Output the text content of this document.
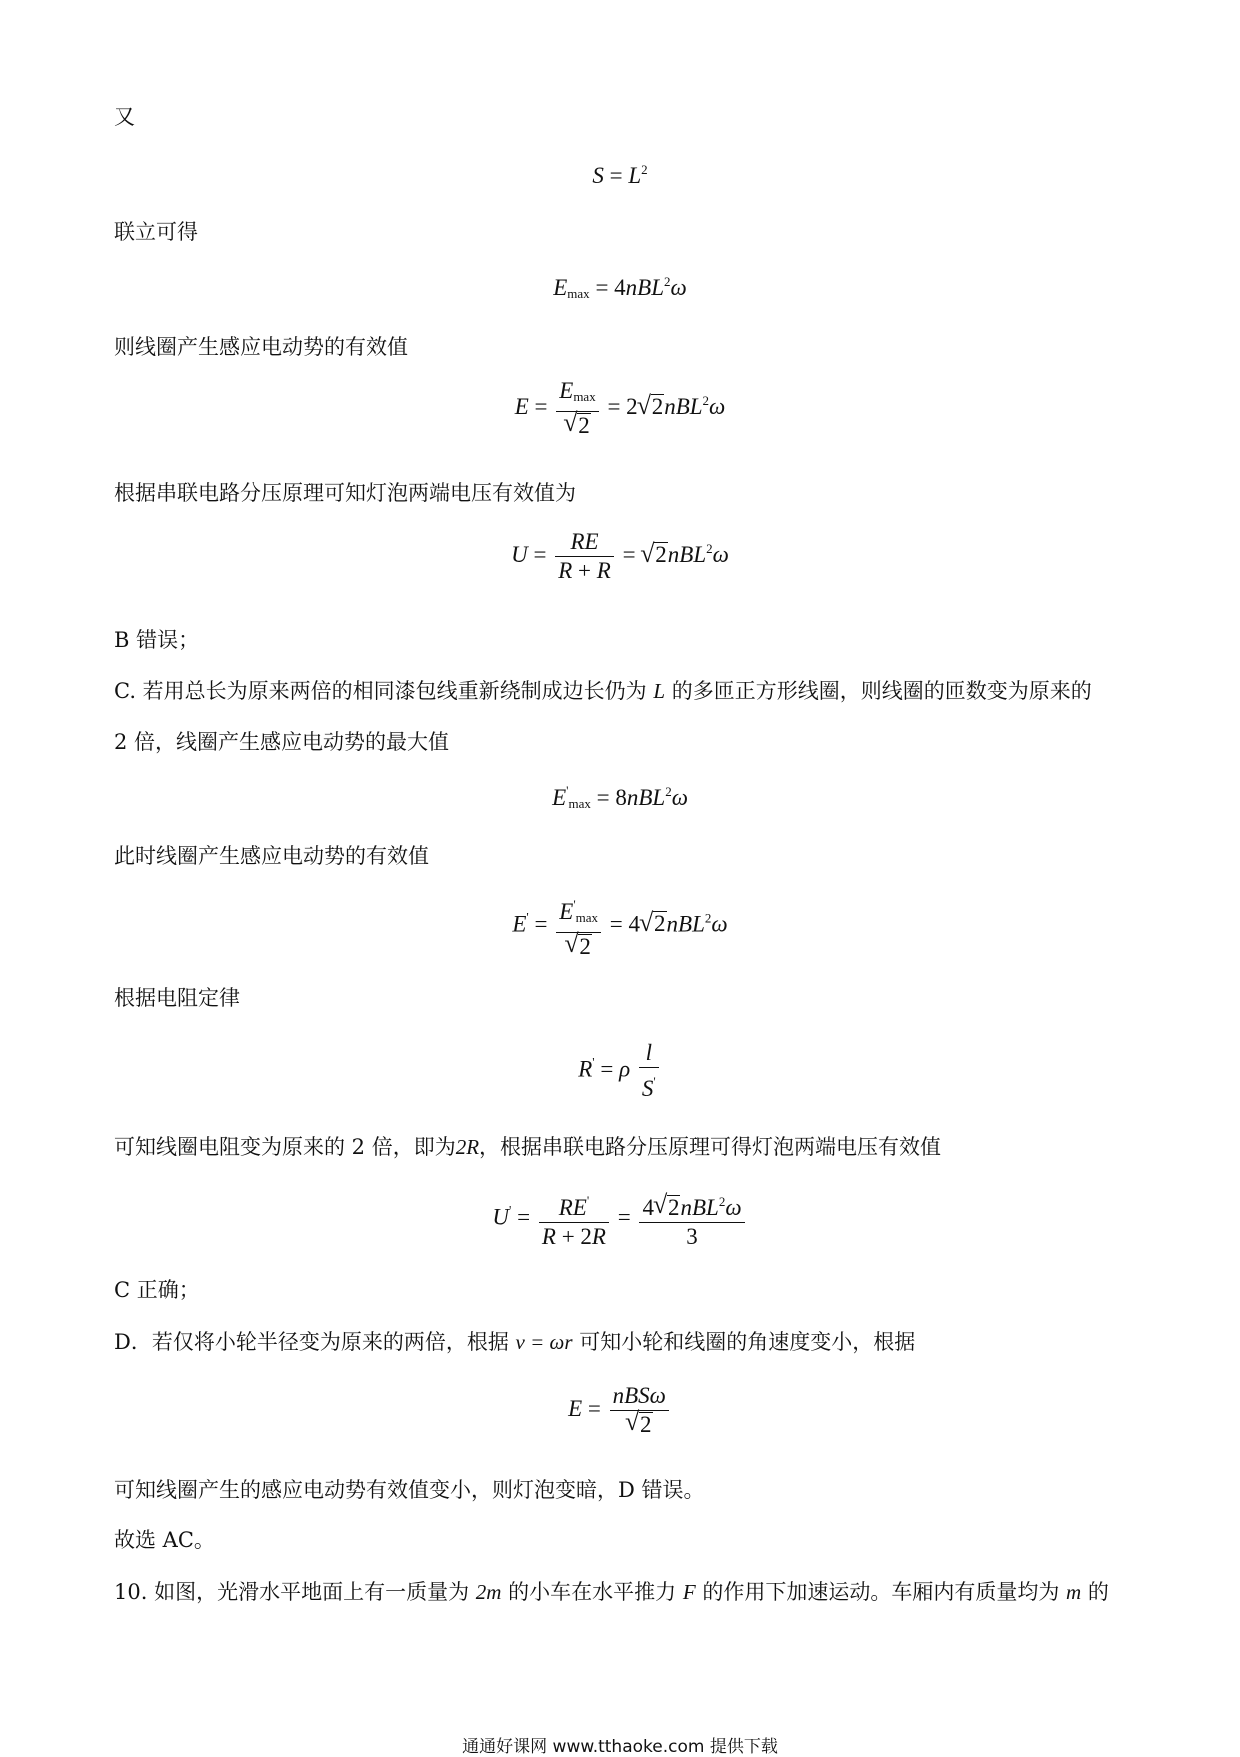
又
$S = L^2$
联立可得
$E_{max} = 4nBL^2\omega$
则线圈产生感应电动势的有效值
$E = E_{max}$
√ 2 = 2 √ 2nBL$^2$ω
根据串联电路分压原理可知灯泡两端电压有效值为
$U = \frac{RE}{R + R}$ = √ 2nBL$^2$ω
B 错误；
C. 若用总长为原来两倍的相同漆包线重新绕制成边长仍为 L 的多匝正方形线圈，则线圈的匝数变为原来的
2 倍，线圈产生感应电动势的最大值
$E'_{max} = 8nBL^2\omega$
此时线圈产生感应电动势的有效值
$E' = E'_{max}$
√ 2 = 4 √ 2nBL$^2$ω
根据电阻定律
R' = ρ $\frac{l}{S'}$
可知线圈电阻变为原来的 2 倍，即为2R，根据串联电路分压原理可得灯泡两端电压有效值
$U' = \frac{RE'}{R + 2R} = \frac{4 √ 2nBL^2\omega}{3}$
C 正确；
D．若仅将小轮半径变为原来的两倍，根据 v = ωr 可知小轮和线圈的角速度变小，根据
E = nBSω
√ 2
可知线圈产生的感应电动势有效值变小，则灯泡变暗，D 错误。
故选 AC。
10. 如图，光滑水平地面上有一质量为 2m 的小车在水平推力 F 的作用下加速运动。车厢内有质量均为 m 的
通通好课网 www.tthaoke.com 提供下载
